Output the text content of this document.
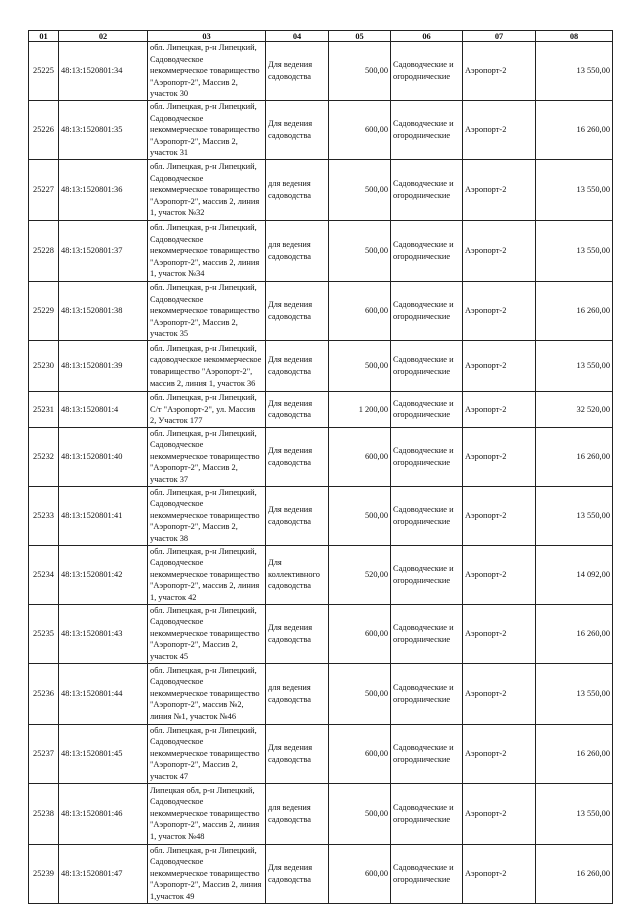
01	02	03	04	05	06	07	08
25225	48:13:1520801:34	обл. Липецкая, р-н Липецкий, Садоводческое некоммерческое товарищество "Аэропорт-2", Массив 2, участок 30	Для ведения садоводства	500,00	Садоводческие и огороднические	Аэропорт-2	13 550,00
25226	48:13:1520801:35	обл. Липецкая, р-н Липецкий, Садоводческое некоммерческое товарищество "Аэропорт-2", Массив 2, участок 31	Для ведения садоводства	600,00	Садоводческие и огороднические	Аэропорт-2	16 260,00
25227	48:13:1520801:36	обл. Липецкая, р-н Липецкий, Садоводческое некоммерческое товарищество "Аэропорт-2", массив 2, линия 1, участок №32	для ведения садоводства	500,00	Садоводческие и огороднические	Аэропорт-2	13 550,00
25228	48:13:1520801:37	обл. Липецкая, р-н Липецкий, Садоводческое некоммерческое товарищество "Аэропорт-2", массив 2, линия 1, участок №34	для ведения садоводства	500,00	Садоводческие и огороднические	Аэропорт-2	13 550,00
25229	48:13:1520801:38	обл. Липецкая, р-н Липецкий, Садоводческое некоммерческое товарищество "Аэропорт-2", Массив 2, участок 35	Для ведения садоводства	600,00	Садоводческие и огороднические	Аэропорт-2	16 260,00
25230	48:13:1520801:39	обл. Липецкая, р-н Липецкий, садоводческое некоммерческое товарищество "Аэропорт-2", массив 2, линия 1, участок 36	Для ведения садоводства	500,00	Садоводческие и огороднические	Аэропорт-2	13 550,00
25231	48:13:1520801:4	обл. Липецкая, р-н Липецкий, С/т "Аэропорт-2", ул. Массив 2, Участок 177	Для ведения садоводства	1 200,00	Садоводческие и огороднические	Аэропорт-2	32 520,00
25232	48:13:1520801:40	обл. Липецкая, р-н Липецкий, Садоводческое некоммерческое товарищество "Аэропорт-2", Массив 2, участок 37	Для ведения садоводства	600,00	Садоводческие и огороднические	Аэропорт-2	16 260,00
25233	48:13:1520801:41	обл. Липецкая, р-н Липецкий, Садоводческое некоммерческое товарищество "Аэропорт-2", Массив 2, участок 38	Для ведения садоводства	500,00	Садоводческие и огороднические	Аэропорт-2	13 550,00
25234	48:13:1520801:42	обл. Липецкая, р-н Липецкий, Садоводческое некоммерческое товарищество "Аэропорт-2", массив 2, линия 1, участок 42	Для коллективного садоводства	520,00	Садоводческие и огороднические	Аэропорт-2	14 092,00
25235	48:13:1520801:43	обл. Липецкая, р-н Липецкий, Садоводческое некоммерческое товарищество "Аэропорт-2", Массив 2, участок 45	Для ведения садоводства	600,00	Садоводческие и огороднические	Аэропорт-2	16 260,00
25236	48:13:1520801:44	обл. Липецкая, р-н Липецкий, Садоводческое некоммерческое товарищество "Аэропорт-2", массив №2, линия №1, участок №46	для ведения садоводства	500,00	Садоводческие и огороднические	Аэропорт-2	13 550,00
25237	48:13:1520801:45	обл. Липецкая, р-н Липецкий, Садоводческое некоммерческое товарищество "Аэропорт-2", Массив 2, участок 47	Для ведения садоводства	600,00	Садоводческие и огороднические	Аэропорт-2	16 260,00
25238	48:13:1520801:46	Липецкая обл, р-н Липецкий, Садоводческое некоммерческое товарищество "Аэропорт-2", массив 2, линия 1, участок №48	для ведения садоводства	500,00	Садоводческие и огороднические	Аэропорт-2	13 550,00
25239	48:13:1520801:47	обл. Липецкая, р-н Липецкий, Садоводческое некоммерческое товарищество "Аэропорт-2", Массив 2, линия 1,участок 49	Для ведения садоводства	600,00	Садоводческие и огороднические	Аэропорт-2	16 260,00
